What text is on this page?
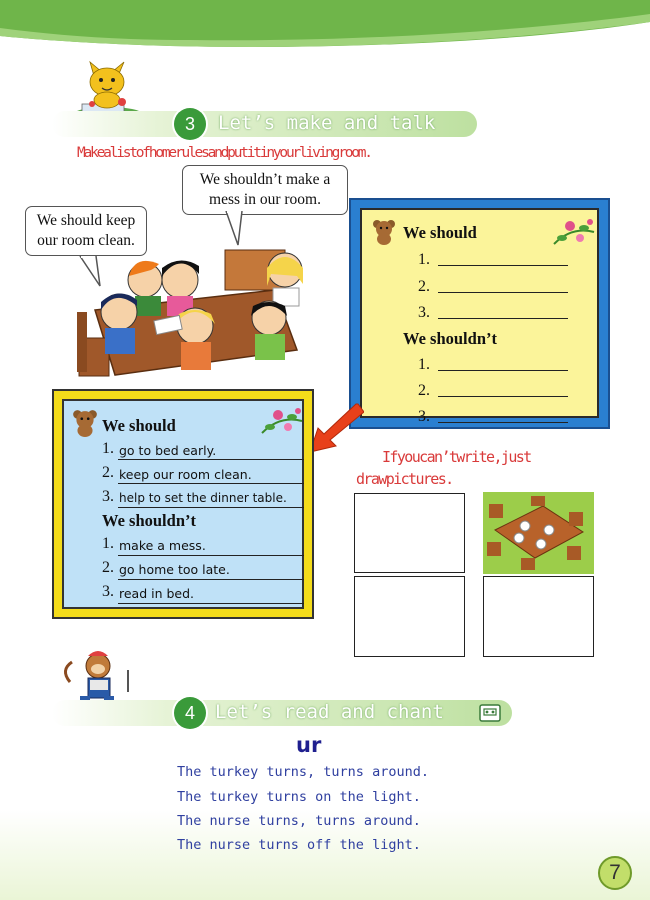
3	Let’s make and talk
Makealistofhomerulesandputitinyourlivingroom.
We should keep
our room clean.
We shouldn’t make a
mess in our room.
We should
1.
2.
3.
We shouldn’t
1.
2.
3.
We should
1. go to bed early.
2. keep our room clean.
3. help to set the dinner table.
We shouldn’t
1. make a mess.
2. go home too late.
3. read in bed.
Ifyoucan’twrite,just
drawpictures.
4	Let’s read and chant
ur
The turkey turns, turns around.
The turkey turns on the light.
The nurse turns, turns around.
The nurse turns off the light.
7
